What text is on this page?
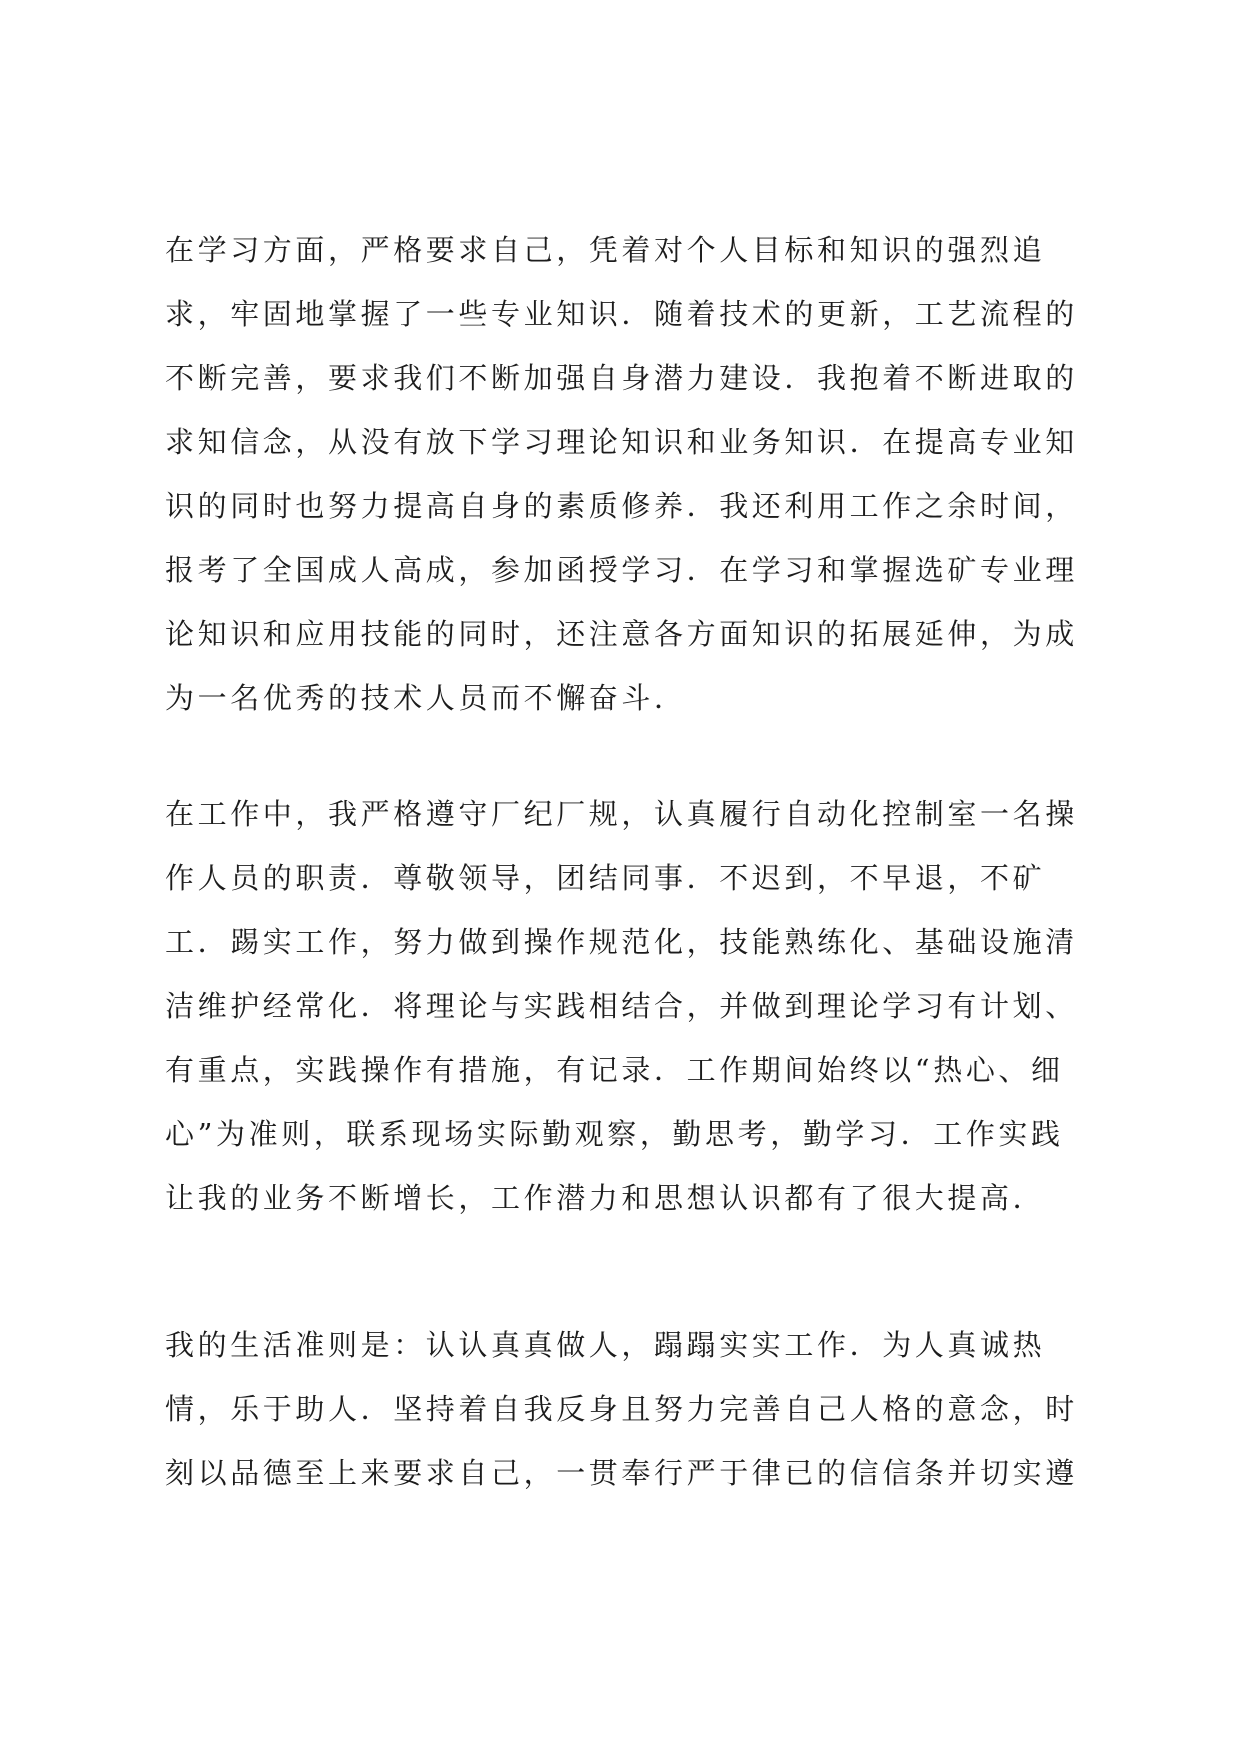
在学习方面，严格要求自己，凭着对个人目标和知识的强烈追
求，牢固地掌握了一些专业知识．随着技术的更新，工艺流程的
不断完善，要求我们不断加强自身潜力建设．我抱着不断进取的
求知信念，从没有放下学习理论知识和业务知识．在提高专业知
识的同时也努力提高自身的素质修养．我还利用工作之余时间，
报考了全国成人高成，参加函授学习．在学习和掌握选矿专业理
论知识和应用技能的同时，还注意各方面知识的拓展延伸，为成
为一名优秀的技术人员而不懈奋斗．

在工作中，我严格遵守厂纪厂规，认真履行自动化控制室一名操
作人员的职责．尊敬领导，团结同事．不迟到，不早退，不矿
工．踢实工作，努力做到操作规范化，技能熟练化、基础设施清
洁维护经常化．将理论与实践相结合，并做到理论学习有计划、
有重点，实践操作有措施，有记录．工作期间始终以“热心、细
心”为准则，联系现场实际勤观察，勤思考，勤学习．工作实践
让我的业务不断增长，工作潜力和思想认识都有了很大提高．

我的生活准则是：认认真真做人，蹋蹋实实工作．为人真诚热
情，乐于助人．坚持着自我反身且努力完善自己人格的意念，时
刻以品德至上来要求自己，一贯奉行严于律已的信信条并切实遵
